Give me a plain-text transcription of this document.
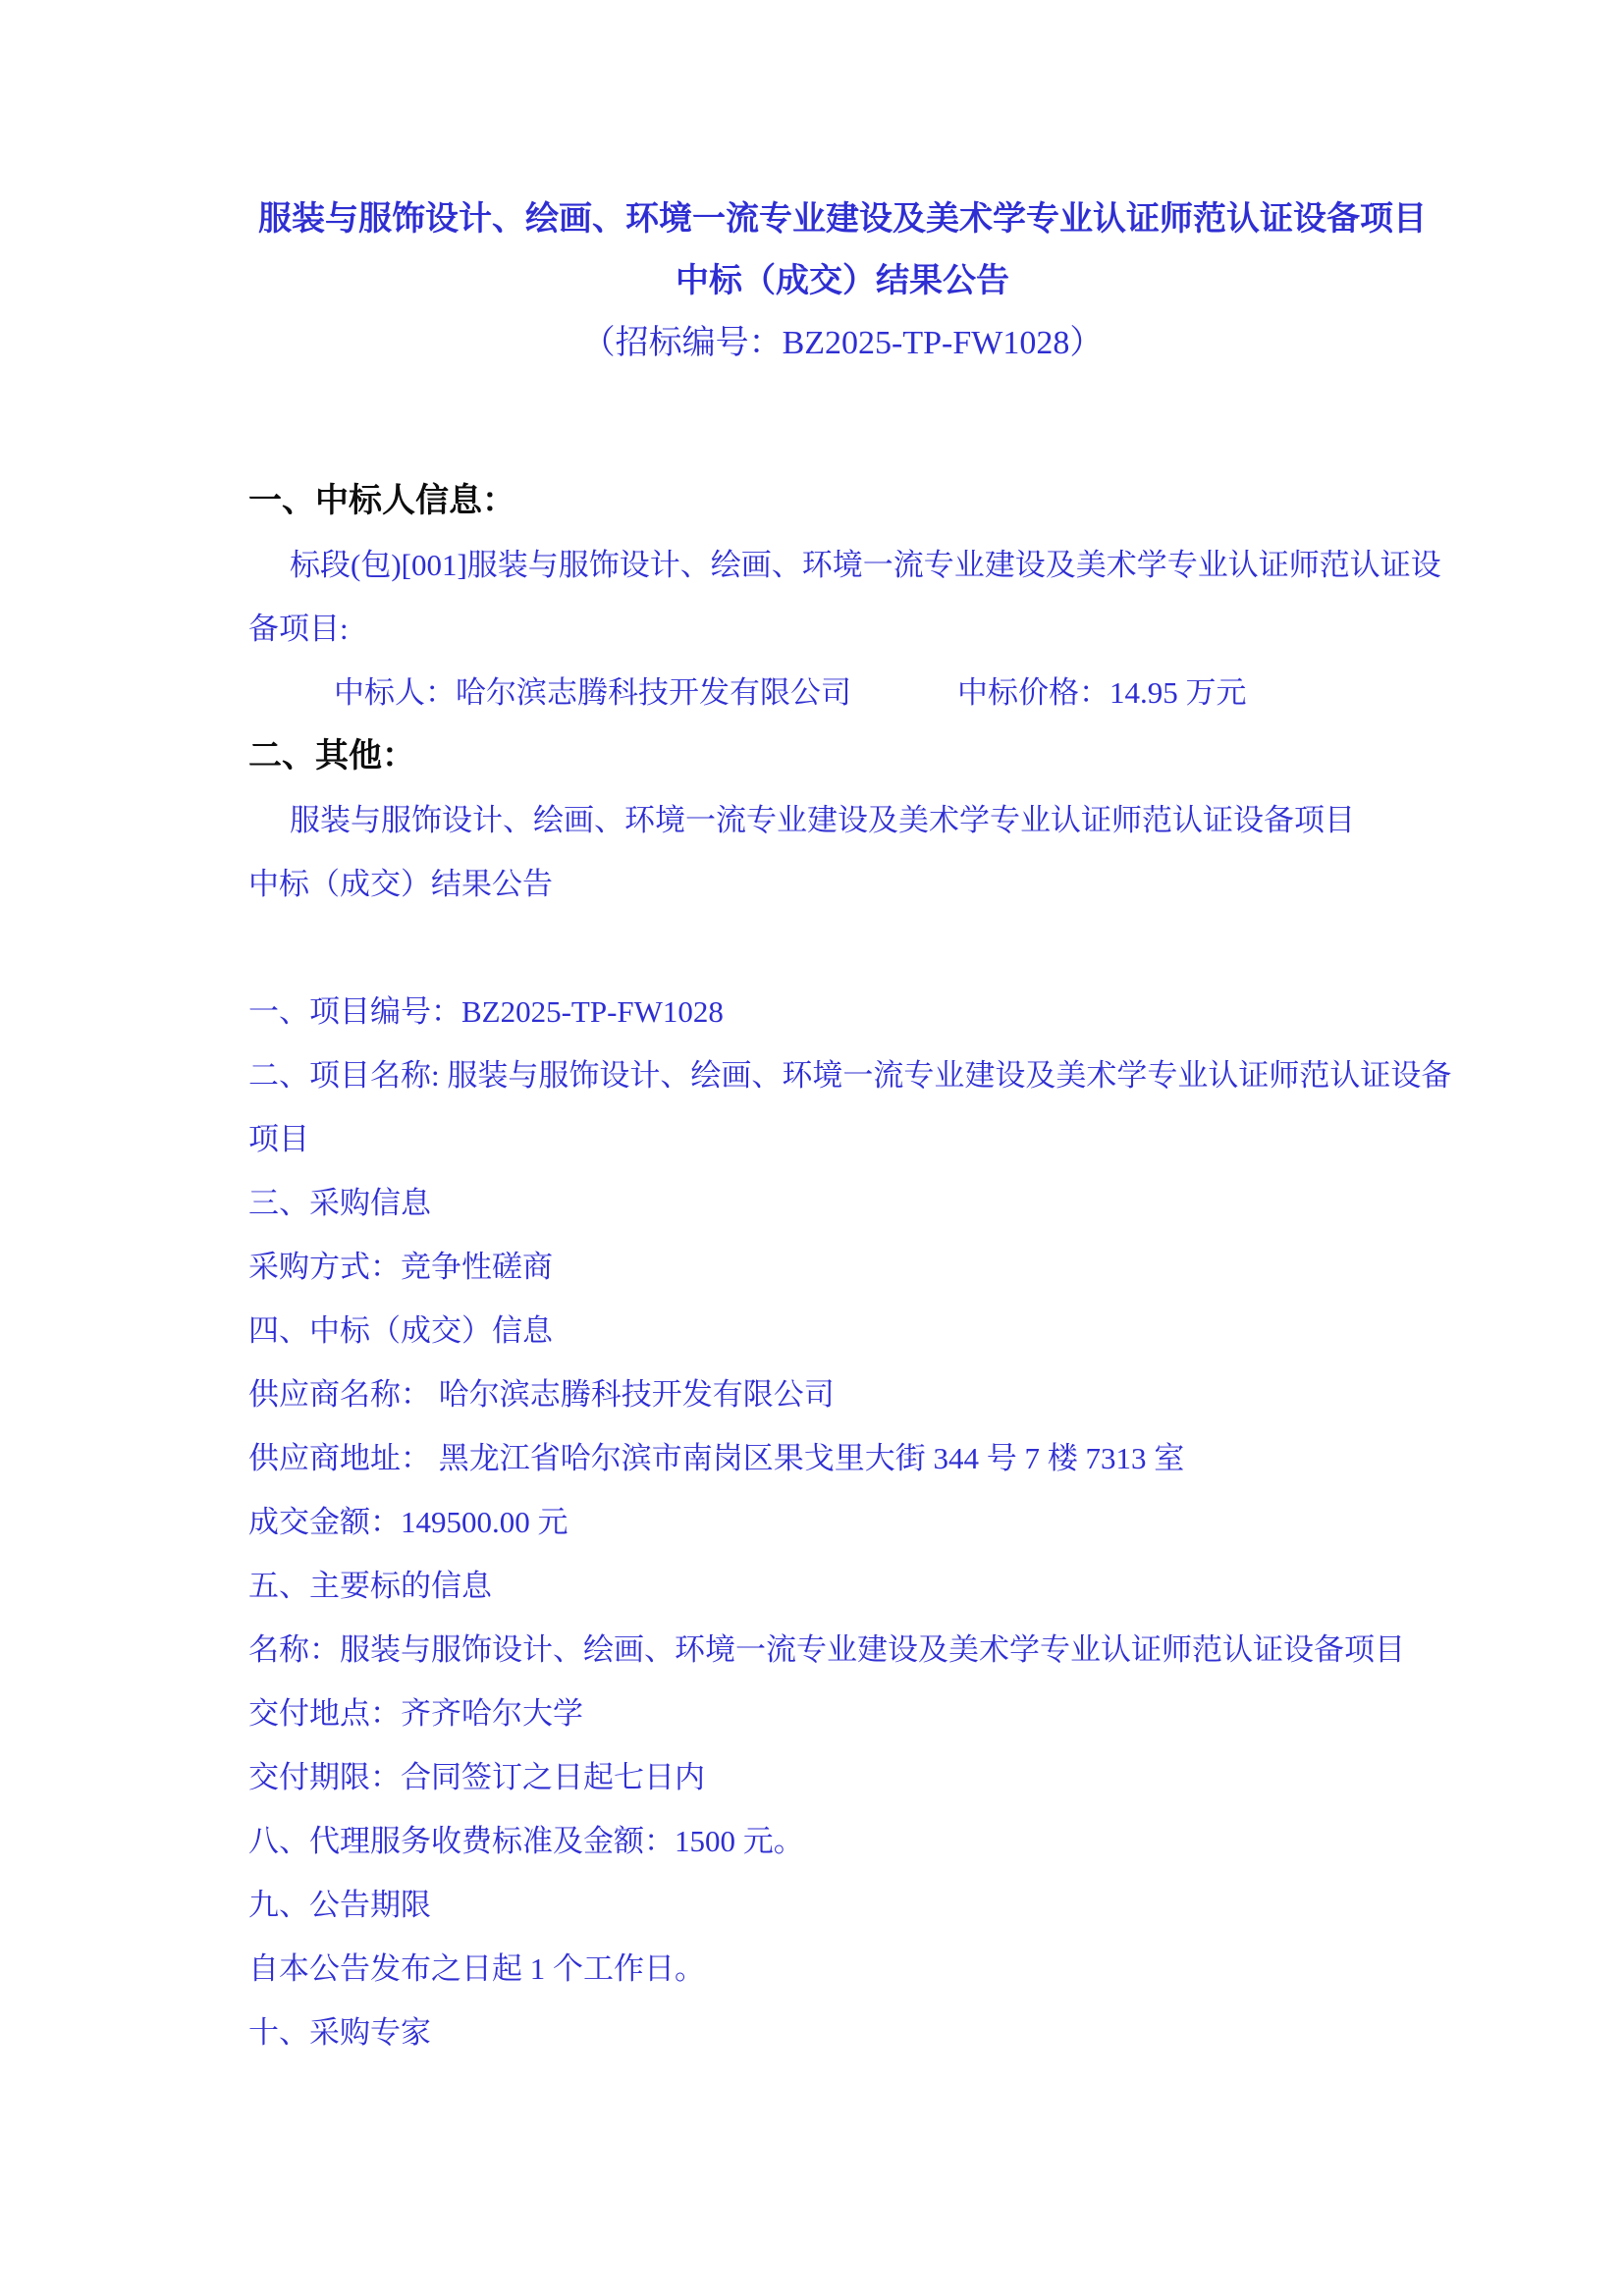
服装与服饰设计、绘画、环境一流专业建设及美术学专业认证师范认证设备项目
中标（成交）结果公告
（招标编号：BZ2025-TP-FW1028）
一、中标人信息：
标段(包)[001]服装与服饰设计、绘画、环境一流专业建设及美术学专业认证师范认证设
备项目:
中标人：哈尔滨志腾科技开发有限公司	中标价格：14.95 万元
二、其他：
服装与服饰设计、绘画、环境一流专业建设及美术学专业认证师范认证设备项目
中标（成交）结果公告
一、项目编号：BZ2025-TP-FW1028
二、项目名称: 服装与服饰设计、绘画、环境一流专业建设及美术学专业认证师范认证设备
项目
三、采购信息
采购方式：竞争性磋商
四、中标（成交）信息
供应商名称： 哈尔滨志腾科技开发有限公司
供应商地址： 黑龙江省哈尔滨市南岗区果戈里大街 344 号 7 楼 7313 室
成交金额：149500.00 元
五、主要标的信息
名称：服装与服饰设计、绘画、环境一流专业建设及美术学专业认证师范认证设备项目
交付地点：齐齐哈尔大学
交付期限：合同签订之日起七日内
八、代理服务收费标准及金额：1500 元。
九、公告期限
自本公告发布之日起 1 个工作日。
十、采购专家
